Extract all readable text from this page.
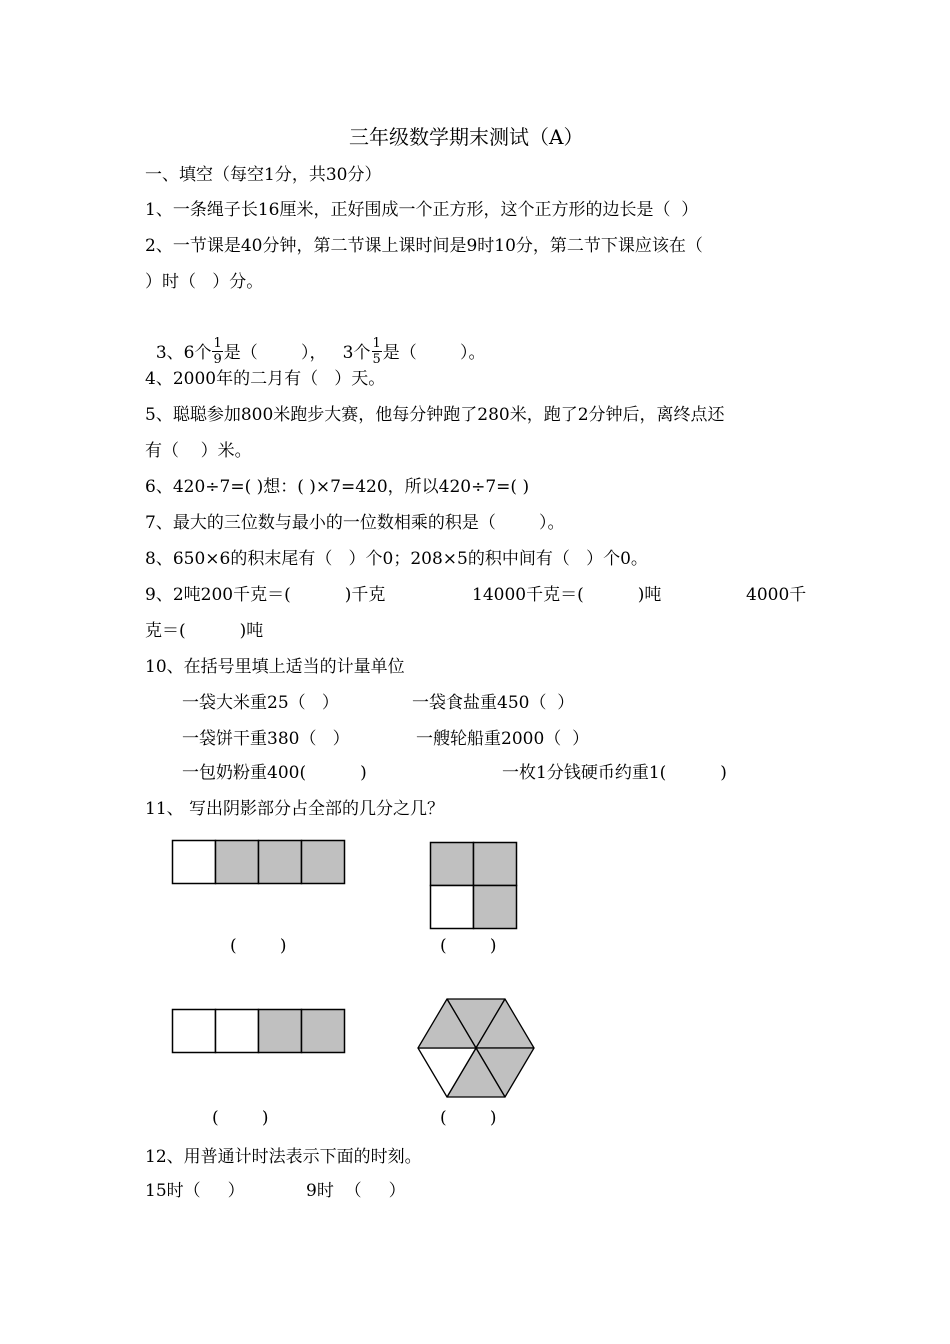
三年级数学期末测试（A）
一、填空（每空1分，共30分）
1、一条绳子长16厘米，正好围成一个正方形，这个正方形的边长是（  ）
2、一节课是40分钟，第二节课上课时间是9时10分，第二节下课应该在（
）时（   ）分。

3、6个 $\frac{1}{9}$ 是（        ），   3个 $\frac{1}{5}$ 是（        ）。

4、2000年的二月有（   ）天。
5、聪聪参加800米跑步大赛，他每分钟跑了280米，跑了2分钟后，离终点还
有（    ）米。
6、420÷7=( )想：( )×7=420，所以420÷7=( )
7、最大的三位数与最小的一位数相乘的积是（        ）。
8、650×6的积末尾有（   ）个0；208×5的积中间有（   ）个0。
9、2吨200千克＝(          )千克	14000千克＝(          )吨	4000千
克＝(          )吨
10、在括号里填上适当的计量单位
一袋大米重25（   ）	一袋食盐重450（  ）
一袋饼干重380（   ）	一艘轮船重2000（  ）
一包奶粉重400(          )	一枚1分钱硬币约重1(          )
11、 写出阴影部分占全部的几分之几？
(        )	(        )
(        )	(        )
12、用普通计时法表示下面的时刻。
15时（     ）	9时  （     ）
